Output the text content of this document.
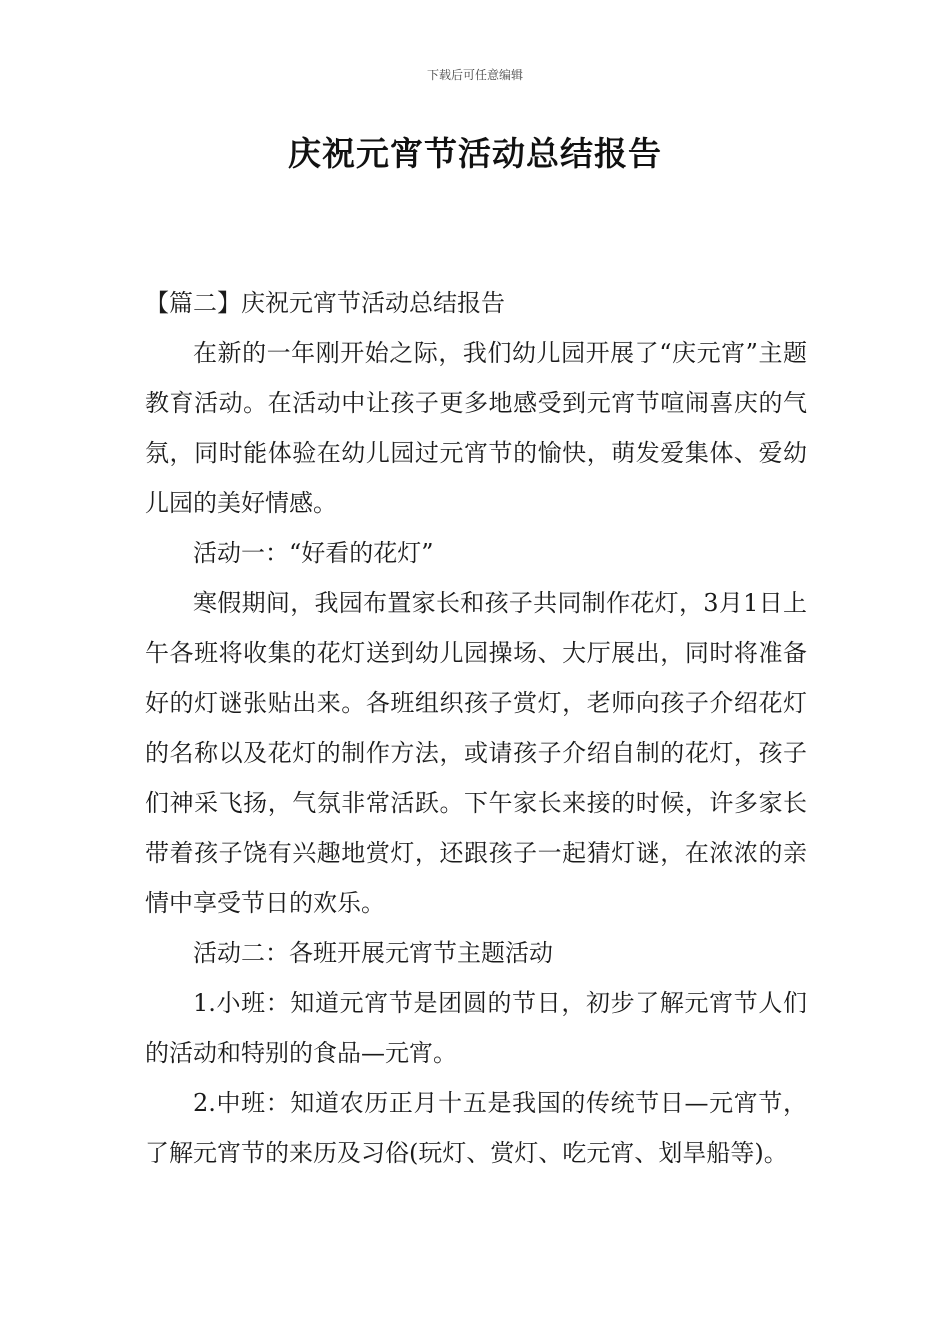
下载后可任意编辑
庆祝元宵节活动总结报告

【篇二】庆祝元宵节活动总结报告

在新的一年刚开始之际，我们幼儿园开展了“庆元宵”主题教育活动。在活动中让孩子更多地感受到元宵节喧闹喜庆的气氛，同时能体验在幼儿园过元宵节的愉快，萌发爱集体、爱幼儿园的美好情感。

活动一：“好看的花灯”

寒假期间，我园布置家长和孩子共同制作花灯，3月1日上午各班将收集的花灯送到幼儿园操场、大厅展出，同时将准备好的灯谜张贴出来。各班组织孩子赏灯，老师向孩子介绍花灯的名称以及花灯的制作方法，或请孩子介绍自制的花灯，孩子们神采飞扬，气氛非常活跃。下午家长来接的时候，许多家长带着孩子饶有兴趣地赏灯，还跟孩子一起猜灯谜，在浓浓的亲情中享受节日的欢乐。

活动二：各班开展元宵节主题活动

1.小班：知道元宵节是团圆的节日，初步了解元宵节人们的活动和特别的食品—元宵。

2.中班：知道农历正月十五是我国的传统节日—元宵节，了解元宵节的来历及习俗(玩灯、赏灯、吃元宵、划旱船等)。
